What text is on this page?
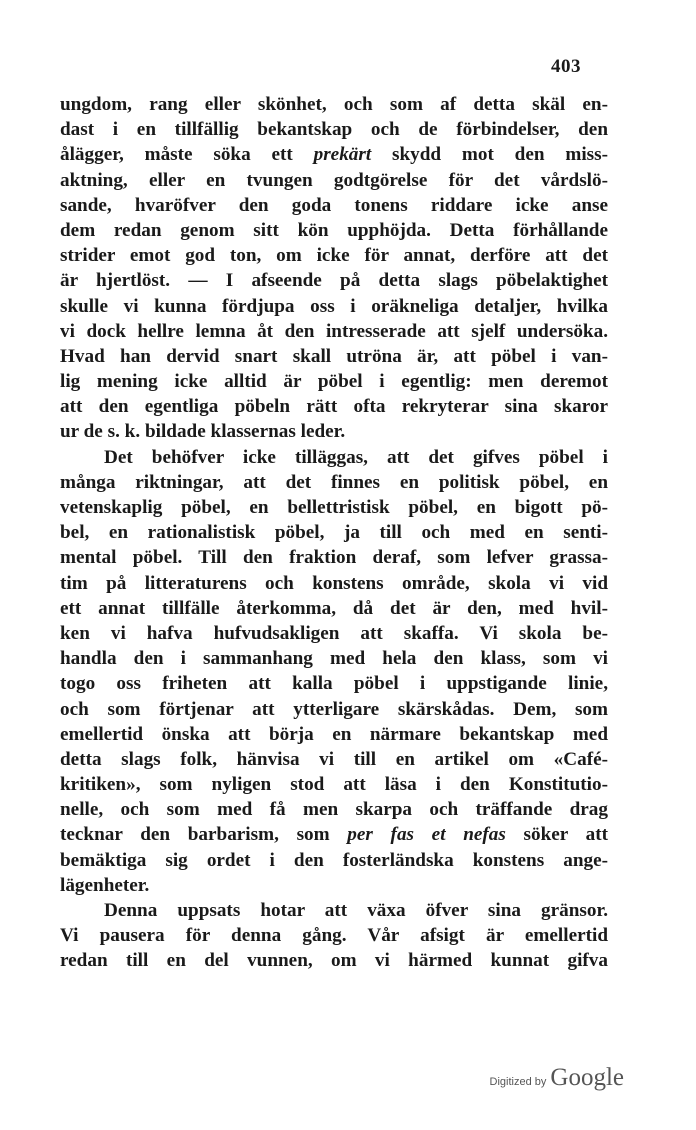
403
ungdom, rang eller skönhet, och som af detta skäl en-
dast i en tillfällig bekantskap och de förbindelser, den
ålägger, måste söka ett prekärt skydd mot den miss-
aktning, eller en tvungen godtgörelse för det vårdslö-
sande, hvaröfver den goda tonens riddare icke anse
dem redan genom sitt kön upphöjda. Detta förhållande
strider emot god ton, om icke för annat, derföre att det
är hjertlöst. — I afseende på detta slags pöbelaktighet
skulle vi kunna fördjupa oss i oräkneliga detaljer, hvilka
vi dock hellre lemna åt den intresserade att sjelf undersöka.
Hvad han dervid snart skall utröna är, att pöbel i van-
lig mening icke alltid är pöbel i egentlig: men deremot
att den egentliga pöbeln rätt ofta rekryterar sina skaror
ur de s. k. bildade klassernas leder.
Det behöfver icke tilläggas, att det gifves pöbel i
många riktningar, att det finnes en politisk pöbel, en
vetenskaplig pöbel, en bellettristisk pöbel, en bigott pö-
bel, en rationalistisk pöbel, ja till och med en senti-
mental pöbel. Till den fraktion deraf, som lefver grassa-
tim på litteraturens och konstens område, skola vi vid
ett annat tillfälle återkomma, då det är den, med hvil-
ken vi hafva hufvudsakligen att skaffa. Vi skola be-
handla den i sammanhang med hela den klass, som vi
togo oss friheten att kalla pöbel i uppstigande linie,
och som förtjenar att ytterligare skärskådas. Dem, som
emellertid önska att börja en närmare bekantskap med
detta slags folk, hänvisa vi till en artikel om «Café-
kritiken», som nyligen stod att läsa i den Konstitutio-
nelle, och som med få men skarpa och träffande drag
tecknar den barbarism, som per fas et nefas söker att
bemäktiga sig ordet i den fosterländska konstens ange-
lägenheter.
Denna uppsats hotar att växa öfver sina gränsor.
Vi pausera för denna gång. Vår afsigt är emellertid
redan till en del vunnen, om vi härmed kunnat gifva
Digitized by Google
